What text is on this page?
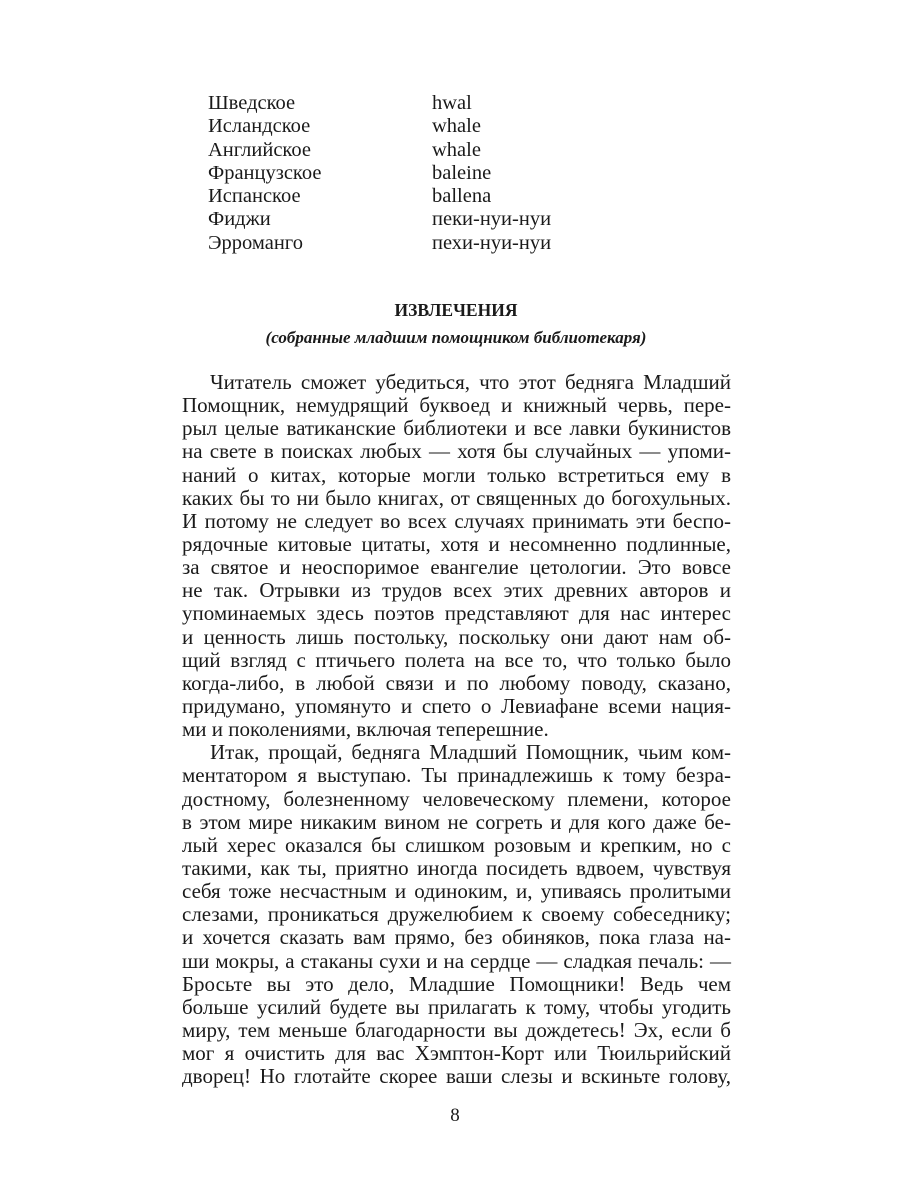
Шведское	hwal
Исландское	whale
Английское	whale
Французское	baleine
Испанское	ballena
Фиджи	пеки-нуи-нуи
Эрроманго	пехи-нуи-нуи
ИЗВЛЕЧЕНИЯ
(собранные младшим помощником библиотекаря)
Читатель сможет убедиться, что этот бедняга Младший
Помощник, немудрящий буквоед и книжный червь, пере-
рыл целые ватиканские библиотеки и все лавки букинистов
на свете в поисках любых — хотя бы случайных — упоми-
наний о китах, которые могли только встретиться ему в
каких бы то ни было книгах, от священных до богохульных.
И потому не следует во всех случаях принимать эти беспо-
рядочные китовые цитаты, хотя и несомненно подлинные,
за святое и неоспоримое евангелие цетологии. Это вовсе
не так. Отрывки из трудов всех этих древних авторов и
упоминаемых здесь поэтов представляют для нас интерес
и ценность лишь постольку, поскольку они дают нам об-
щий взгляд с птичьего полета на все то, что только было
когда-либо, в любой связи и по любому поводу, сказано,
придумано, упомянуто и спето о Левиафане всеми нация-
ми и поколениями, включая теперешние.
Итак, прощай, бедняга Младший Помощник, чьим ком-
ментатором я выступаю. Ты принадлежишь к тому безра-
достному, болезненному человеческому племени, которое
в этом мире никаким вином не согреть и для кого даже бе-
лый херес оказался бы слишком розовым и крепким, но с
такими, как ты, приятно иногда посидеть вдвоем, чувствуя
себя тоже несчастным и одиноким, и, упиваясь пролитыми
слезами, проникаться дружелюбием к своему собеседнику;
и хочется сказать вам прямо, без обиняков, пока глаза на-
ши мокры, а стаканы сухи и на сердце — сладкая печаль: —
Бросьте вы это дело, Младшие Помощники! Ведь чем
больше усилий будете вы прилагать к тому, чтобы угодить
миру, тем меньше благодарности вы дождетесь! Эх, если б
мог я очистить для вас Хэмптон-Корт или Тюильрийский
дворец! Но глотайте скорее ваши слезы и вскиньте голову,
8
